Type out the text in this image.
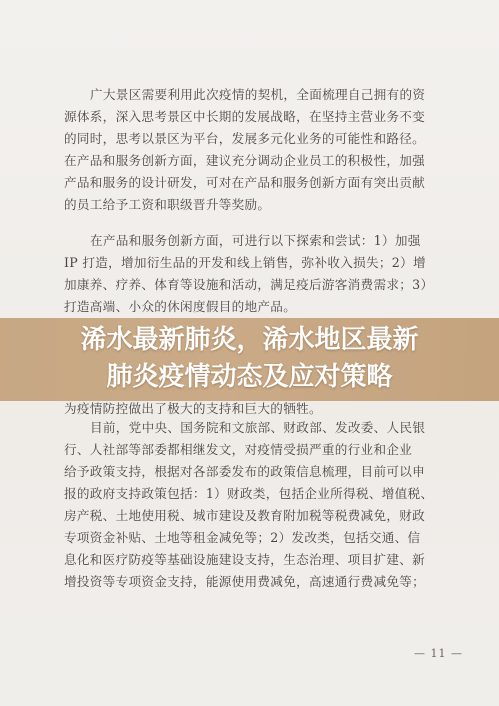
广大景区需要利用此次疫情的契机，全面梳理自己拥有的资
源体系，深入思考景区中长期的发展战略，在坚持主营业务不变
的同时，思考以景区为平台，发展多元化业务的可能性和路径。
在产品和服务创新方面，建议充分调动企业员工的积极性，加强
产品和服务的设计研发，可对在产品和服务创新方面有突出贡献
的员工给予工资和职级晋升等奖励。
在产品和服务创新方面，可进行以下探索和尝试：1）加强
IP 打造，增加衍生品的开发和线上销售，弥补收入损失；2）增
加康养、疗养、体育等设施和活动，满足疫后游客消费需求；3）
打造高端、小众的休闲度假目的地产品。
为疫情防控做出了极大的支持和巨大的牺牲。
目前，党中央、国务院和文旅部、财政部、发改委、人民银
行、人社部等部委都相继发文，对疫情受损严重的行业和企业
给予政策支持，根据对各部委发布的政策信息梳理，目前可以申
报的政府支持政策包括：1）财政类，包括企业所得税、增值税、
房产税、土地使用税、城市建设及教育附加税等税费减免，财政
专项资金补贴、土地等租金减免等；2）发改类，包括交通、信
息化和医疗防疫等基础设施建设支持，生态治理、项目扩建、新
增投资等专项资金支持，能源使用费减免，高速通行费减免等；
— 11 —
浠水最新肺炎，浠水地区最新
肺炎疫情动态及应对策略
